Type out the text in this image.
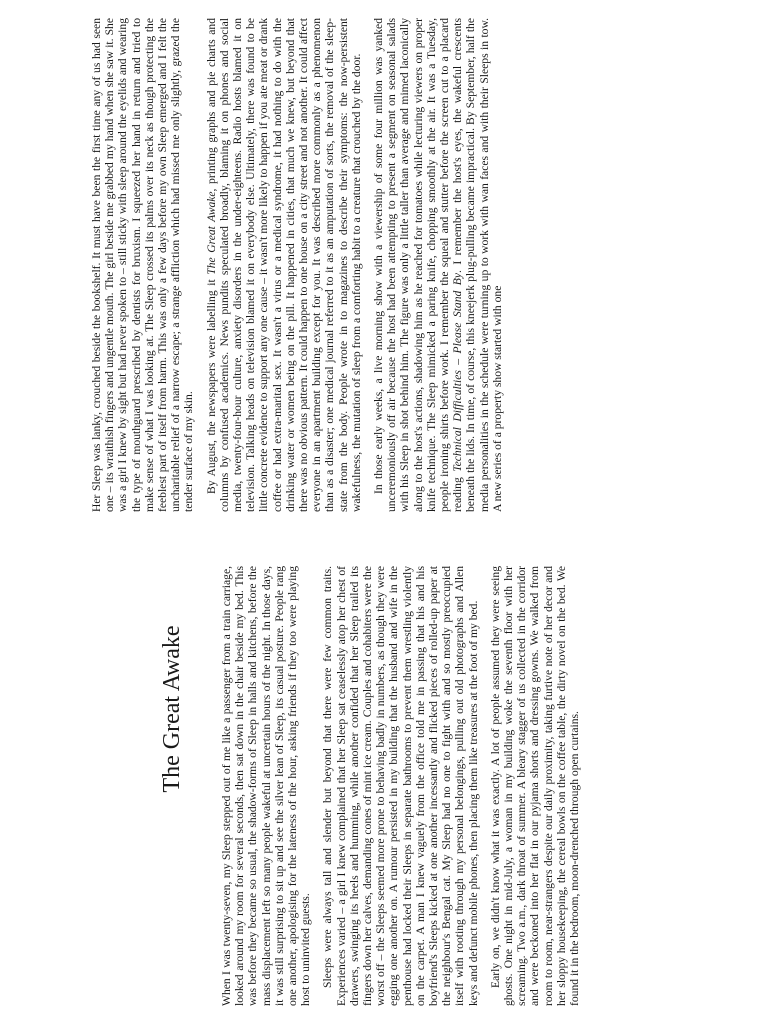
The Great Awake	When I was twenty-seven, my Sleep stepped out of me like a passenger from a train carriage, looked around my room for several seconds, then sat down in the chair beside my bed. This was before they became so usual, the shadow-forms of Sleep in halls and kitchens, before the mass displacement left so many people wakeful at uncertain hours of the night. In those days, it was still surprising to sit up and see the silver lean of Sleep, its casual posture. People rang one another, apologising for the lateness of the hour, asking friends if they too were playing host to uninvited guests. Sleeps were always tall and slender but beyond that there were few common traits. Experiences varied – a girl I knew complained that her Sleep sat ceaselessly atop her chest of drawers, swinging its heels and humming, while another confided that her Sleep trailed its fingers down her calves, demanding cones of mint ice cream. Couples and cohabiters were the worst off – the Sleeps seemed more prone to behaving badly in numbers, as though they were egging one another on. A rumour persisted in my building that the husband and wife in the penthouse had locked their Sleeps in separate bathrooms to prevent them wrestling violently on the carpet. A man I knew vaguely from the office told me in passing that his and his boyfriend's Sleeps kicked at one another incessantly and flicked pieces of rolled-up paper at the neighbour's Bengal cat. My Sleep had no one to fight with and so mostly preoccupied itself with rooting through my personal belongings, pulling out old photographs and Allen keys and defunct mobile phones, then placing them like treasures at the foot of my bed. Early on, we didn't know what it was exactly. A lot of people assumed they were seeing ghosts. One night in mid-July, a woman in my building woke the seventh floor with her screaming. Two a.m., dark throat of summer. A bleary stagger of us collected in the corridor and were beckoned into her flat in our pyjama shorts and dressing gowns. We walked from room to room, near-strangers despite our daily proximity, taking furtive note of her decor and her sloppy housekeeping, the cereal bowls on the coffee table, the dirty novel on the bed. We found it in the bedroom, moon-drenched through open curtains.

Her Sleep was lanky, crouched beside the bookshelf. It must have been the first time any of us had seen one – its wraithish fingers and ungentle mouth. The girl beside me grabbed my hand when she saw it. She was a girl I knew by sight but had never spoken to – still sticky with sleep around the eyelids and wearing the type of mouthguard prescribed by dentists for bruxism. I squeezed her hand in return and tried to make sense of what I was looking at. The Sleep crossed its palms over its neck as though protecting the feeblest part of itself from harm. This was only a few days before my own Sleep emerged and I felt the uncharitable relief of a narrow escape; a strange affliction which had missed me only slightly, grazed the tender surface of my skin. By August, the newspapers were labelling it The Great Awake, printing graphs and pie charts and columns by confused academics. News pundits speculated broadly, blaming it on phones and social media, twenty-four-hour culture, anxiety disorders in the under-eighteens. Radio hosts blamed it on television. Talking heads on television blamed it on everybody else. Ultimately, there was found to be little concrete evidence to support any one cause – it wasn't more likely to happen if you ate meat or drank coffee or had extra-marital sex. It wasn't a virus or a medical syndrome, it had nothing to do with the drinking water or women being on the pill. It happened in cities, that much we knew, but beyond that there was no obvious pattern. It could happen to one house on a city street and not another. It could affect everyone in an apartment building except for you. It was described more commonly as a phenomenon than as a disaster; one medical journal referred to it as an amputation of sorts, the removal of the sleep-state from the body. People wrote in to magazines to describe their symptoms: the now-persistent wakefulness, the mutation of sleep from a comforting habit to a creature that crouched by the door. In those early weeks, a live morning show with a viewership of some four million was yanked unceremoniously off air because the host had been attempting to present a segment on seasonal salads with his Sleep in shot behind him. The figure was only a little taller than average and mimed laconically along to the host's actions, shadowing him as he reached for tomatoes while lecturing viewers on proper knife technique. The Sleep mimicked a paring knife, chopping smoothly at the air. It was a Tuesday, people ironing shirts before work. I remember the squeal and stutter before the screen cut to a placard reading Technical Difficulties – Please Stand By. I remember the host's eyes, the wakeful crescents beneath the lids. In time, of course, this kneejerk plug-pulling became impractical. By September, half the media personalities in the schedule were turning up to work with wan faces and with their Sleeps in tow. A new series of a property show started with one
